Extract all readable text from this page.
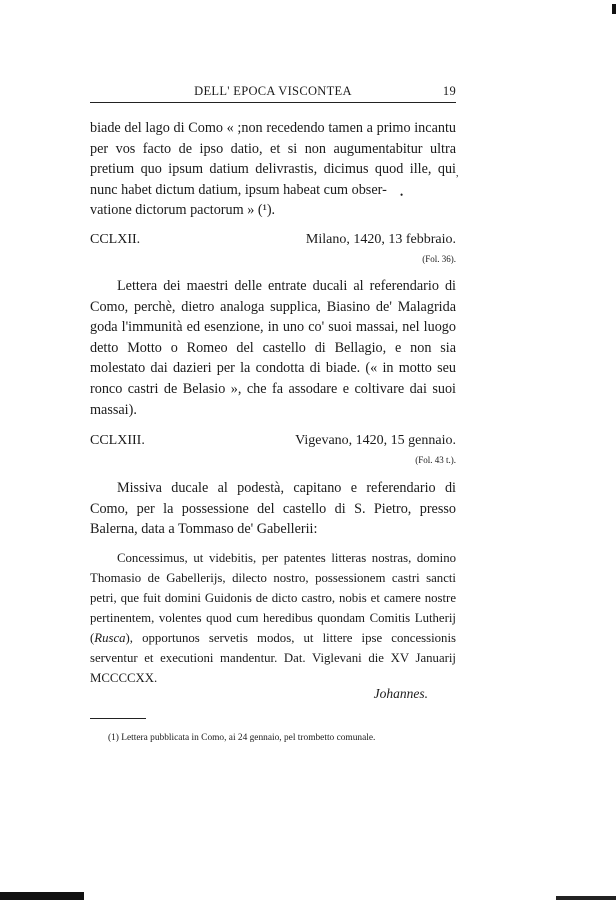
DELL' EPOCA VISCONTEA	19
biade del lago di Como « ;non recedendo tamen a primo incantu per vos facto de ipso datio, et si non augumentabitur ultra pretium quo ipsum datium delivrastis, dicimus quod ille, qui nunc habet dictum datium, ipsum habeat cum obser-
vatione dictorum pactorum » (¹).
,
•
CCLXII.	Milano, 1420, 13 febbraio.
(Fol. 36).
Lettera dei maestri delle entrate ducali al referendario di Como, perchè, dietro analoga supplica, Biasino de' Malagrida goda l'immunità ed esenzione, in uno co' suoi massai, nel luogo detto Motto o Romeo del castello di Bellagio, e non sia molestato dai dazieri per la condotta di biade. (« in motto seu ronco castri de Belasio », che fa assodare e coltivare dai suoi massai).
CCLXIII.	Vigevano, 1420, 15 gennaio.
(Fol. 43 t.).
Missiva ducale al podestà, capitano e referendario di Como, per la possessione del castello di S. Pietro, presso Balerna, data a Tommaso de' Gabellerii:
Concessimus, ut videbitis, per patentes litteras nostras, domino Thomasio de Gabellerijs, dilecto nostro, possessionem castri sancti petri, que fuit domini Guidonis de dicto castro, nobis et camere nostre pertinentem, volentes quod cum heredibus quondam Comitis Lutherij (Rusca), opportunos servetis modos, ut littere ipse concessionis serventur et executioni mandentur. Dat. Viglevani die XV Januarij MCCCCXX.
Johannes.
(1) Lettera pubblicata in Como, ai 24 gennaio, pel trombetto comunale.
